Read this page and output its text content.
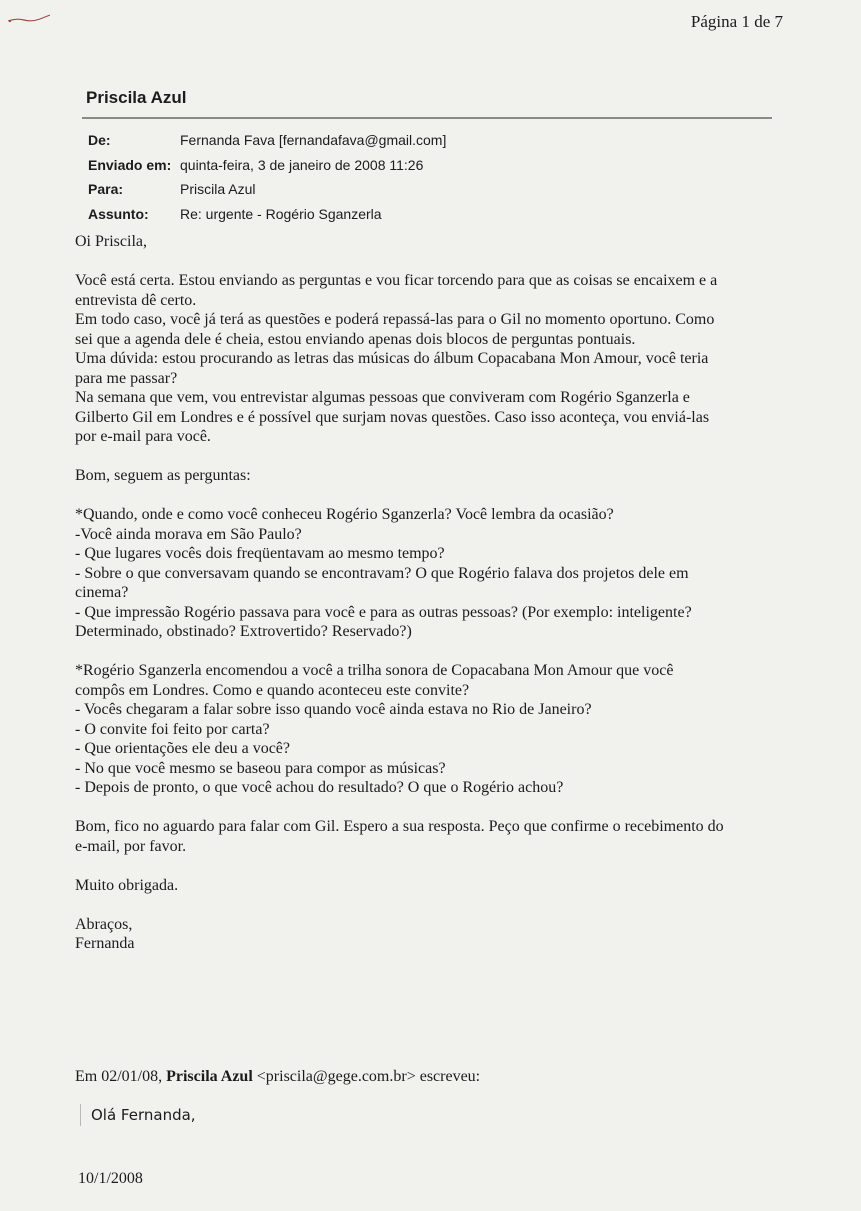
Página 1 de 7
Priscila Azul
De:	Fernanda Fava [fernandafava@gmail.com]
Enviado em: quinta-feira, 3 de janeiro de 2008 11:26
Para:	Priscila Azul
Assunto: Re: urgente - Rogério Sganzerla
Oi Priscila,
Você está certa. Estou enviando as perguntas e vou ficar torcendo para que as coisas se encaixem e a
entrevista dê certo.
Em todo caso, você já terá as questões e poderá repassá-las para o Gil no momento oportuno. Como
sei que a agenda dele é cheia, estou enviando apenas dois blocos de perguntas pontuais.
Uma dúvida: estou procurando as letras das músicas do álbum Copacabana Mon Amour, você teria
para me passar?
Na semana que vem, vou entrevistar algumas pessoas que conviveram com Rogério Sganzerla e
Gilberto Gil em Londres e é possível que surjam novas questões. Caso isso aconteça, vou enviá-las
por e-mail para você.
Bom, seguem as perguntas:
*Quando, onde e como você conheceu Rogério Sganzerla? Você lembra da ocasião?
-Você ainda morava em São Paulo?
- Que lugares vocês dois freqüentavam ao mesmo tempo?
- Sobre o que conversavam quando se encontravam? O que Rogério falava dos projetos dele em
cinema?
- Que impressão Rogério passava para você e para as outras pessoas? (Por exemplo: inteligente?
Determinado, obstinado? Extrovertido? Reservado?)
*Rogério Sganzerla encomendou a você a trilha sonora de Copacabana Mon Amour que você
compôs em Londres. Como e quando aconteceu este convite?
- Vocês chegaram a falar sobre isso quando você ainda estava no Rio de Janeiro?
- O convite foi feito por carta?
- Que orientações ele deu a você?
- No que você mesmo se baseou para compor as músicas?
- Depois de pronto, o que você achou do resultado? O que o Rogério achou?
Bom, fico no aguardo para falar com Gil. Espero a sua resposta. Peço que confirme o recebimento do
e-mail, por favor.
Muito obrigada.
Abraços,
Fernanda
Em 02/01/08, Priscila Azul <priscila@gege.com.br> escreveu:
Olá Fernanda,
10/1/2008
